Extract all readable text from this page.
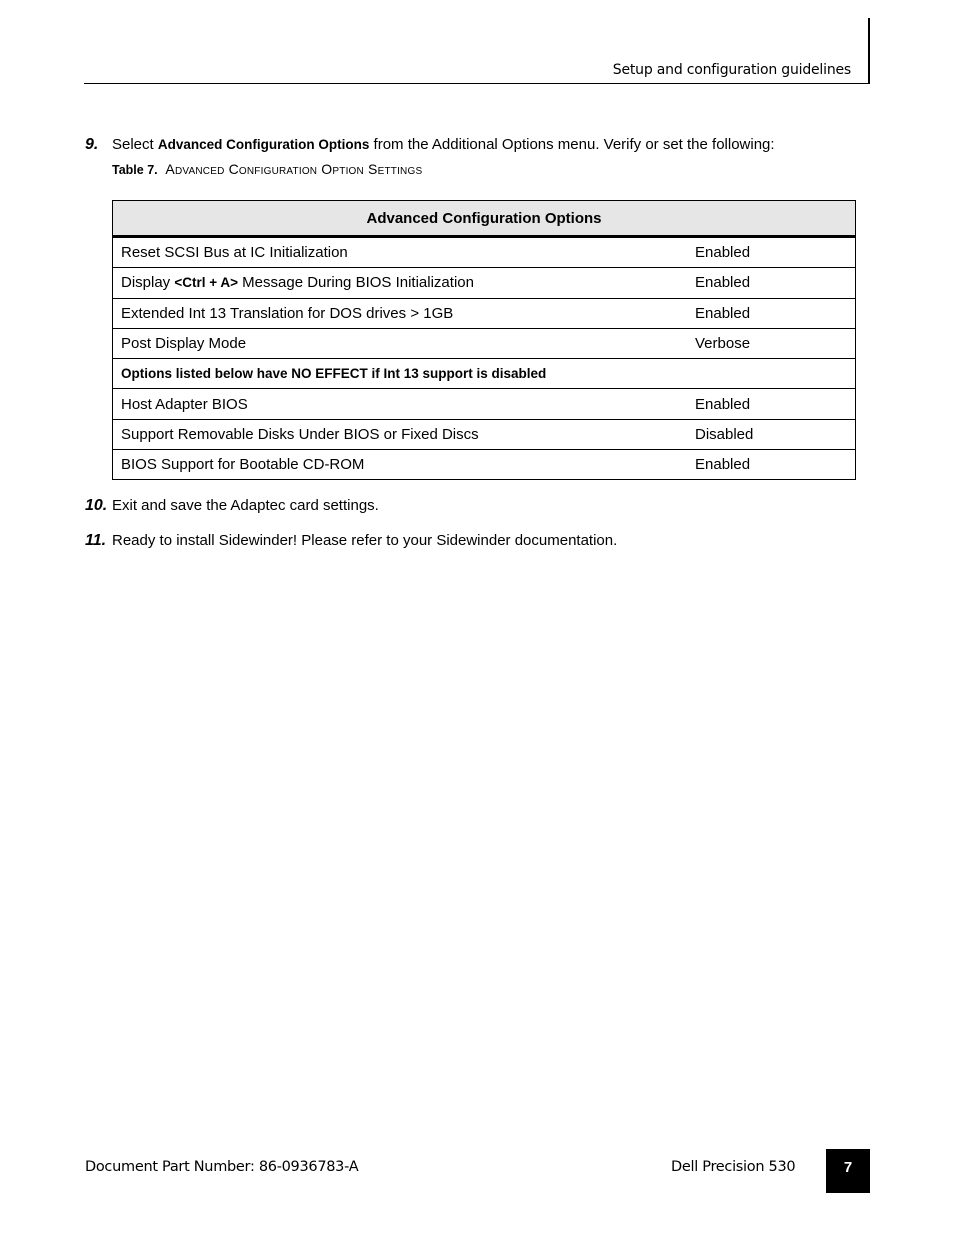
Setup and configuration guidelines
9. Select Advanced Configuration Options from the Additional Options menu. Verify or set the following:
Table 7. Advanced Configuration Option Settings
Advanced Configuration Options
Reset SCSI Bus at IC Initialization	Enabled
Display <Ctrl + A> Message During BIOS Initialization	Enabled
Extended Int 13 Translation for DOS drives > 1GB	Enabled
Post Display Mode	Verbose
Options listed below have NO EFFECT if Int 13 support is disabled
Host Adapter BIOS	Enabled
Support Removable Disks Under BIOS or Fixed Discs	Disabled
BIOS Support for Bootable CD-ROM	Enabled
10. Exit and save the Adaptec card settings.
11. Ready to install Sidewinder! Please refer to your Sidewinder documentation.
Document Part Number: 86-0936783-A	Dell Precision 530	7
